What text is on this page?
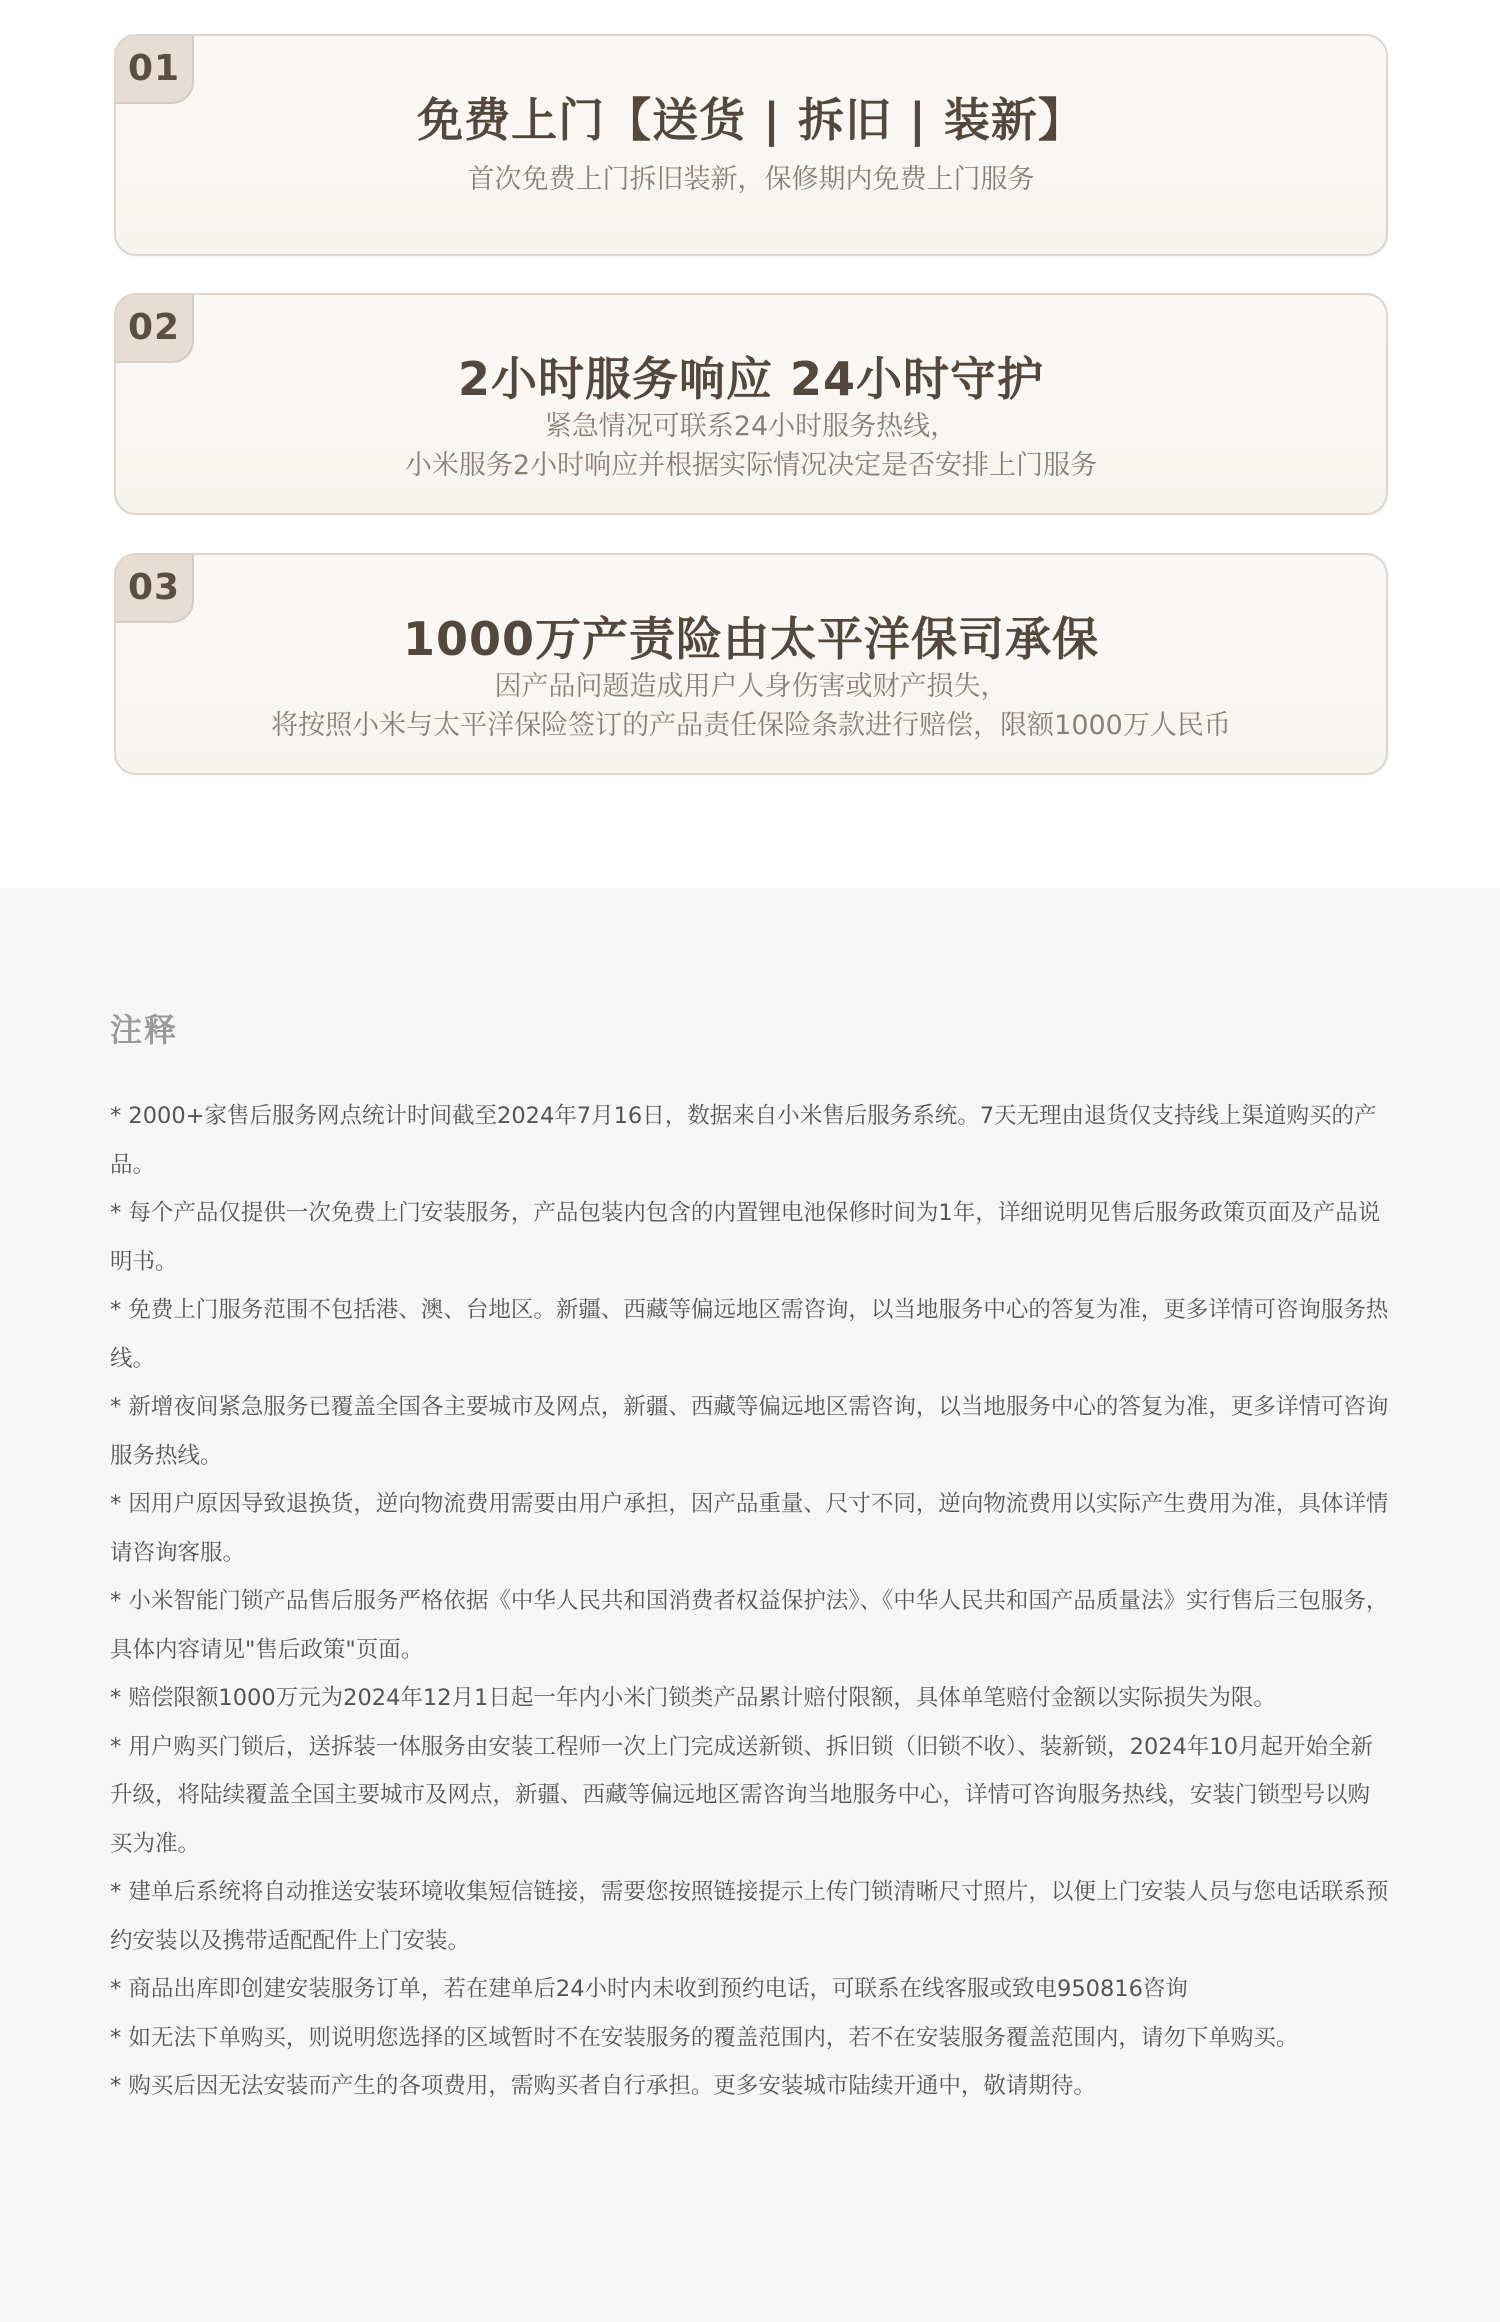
01
免费上门【送货 | 拆旧 | 装新】
首次免费上门拆旧装新，保修期内免费上门服务
02
2小时服务响应 24小时守护
紧急情况可联系24小时服务热线，
小米服务2小时响应并根据实际情况决定是否安排上门服务
03
1000万产责险由太平洋保司承保
因产品问题造成用户人身伤害或财产损失，
将按照小米与太平洋保险签订的产品责任保险条款进行赔偿，限额1000万人民币
注释
* 2000+家售后服务网点统计时间截至2024年7月16日，数据来自小米售后服务系统。7天无理由退货仅支持线上渠道购买的产品。
* 每个产品仅提供一次免费上门安装服务，产品包装内包含的内置锂电池保修时间为1年，详细说明见售后服务政策页面及产品说明书。
* 免费上门服务范围不包括港、澳、台地区。新疆、西藏等偏远地区需咨询，以当地服务中心的答复为准，更多详情可咨询服务热线。
* 新增夜间紧急服务已覆盖全国各主要城市及网点，新疆、西藏等偏远地区需咨询，以当地服务中心的答复为准，更多详情可咨询服务热线。
* 因用户原因导致退换货，逆向物流费用需要由用户承担，因产品重量、尺寸不同，逆向物流费用以实际产生费用为准，具体详情请咨询客服。
* 小米智能门锁产品售后服务严格依据《中华人民共和国消费者权益保护法》、《中华人民共和国产品质量法》实行售后三包服务，具体内容请见"售后政策"页面。
* 赔偿限额1000万元为2024年12月1日起一年内小米门锁类产品累计赔付限额，具体单笔赔付金额以实际损失为限。
* 用户购买门锁后，送拆装一体服务由安装工程师一次上门完成送新锁、拆旧锁（旧锁不收）、装新锁，2024年10月起开始全新升级，将陆续覆盖全国主要城市及网点，新疆、西藏等偏远地区需咨询当地服务中心，详情可咨询服务热线，安装门锁型号以购买为准。
* 建单后系统将自动推送安装环境收集短信链接，需要您按照链接提示上传门锁清晰尺寸照片，以便上门安装人员与您电话联系预约安装以及携带适配配件上门安装。
* 商品出库即创建安装服务订单，若在建单后24小时内未收到预约电话，可联系在线客服或致电950816咨询
* 如无法下单购买，则说明您选择的区域暂时不在安装服务的覆盖范围内，若不在安装服务覆盖范围内，请勿下单购买。
* 购买后因无法安装而产生的各项费用，需购买者自行承担。更多安装城市陆续开通中，敬请期待。
